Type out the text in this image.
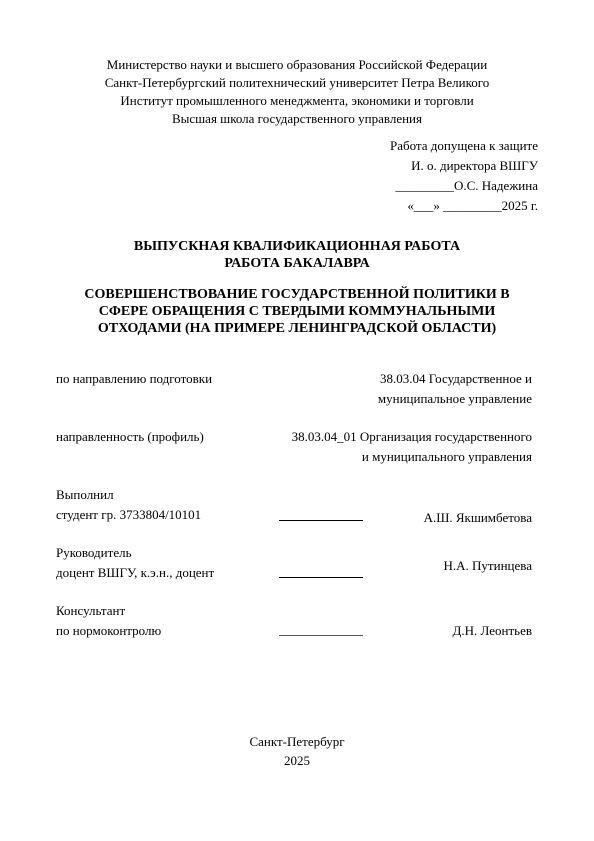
Министерство науки и высшего образования Российской Федерации
Санкт-Петербургский политехнический университет Петра Великого
Институт промышленного менеджмента, экономики и торговли
Высшая школа государственного управления
Работа допущена к защите
И. о. директора ВШГУ
_________О.С. Надежина
«___» _________2025 г.
ВЫПУСКНАЯ КВАЛИФИКАЦИОННАЯ РАБОТА
РАБОТА БАКАЛАВРА
СОВЕРШЕНСТВОВАНИЕ ГОСУДАРСТВЕННОЙ ПОЛИТИКИ В СФЕРЕ ОБРАЩЕНИЯ С ТВЕРДЫМИ КОММУНАЛЬНЫМИ ОТХОДАМИ (НА ПРИМЕРЕ ЛЕНИНГРАДСКОЙ ОБЛАСТИ)
по направлению подготовки	38.03.04 Государственное и
муниципальное управление
направленность (профиль)	38.03.04_01 Организация государственного
и муниципального управления
Выполнил
студент гр. 3733804/10101	А.Ш. Якшимбетова
Руководитель
доцент ВШГУ, к.э.н., доцент	Н.А. Путинцева
Консультант
по нормоконтролю	Д.Н. Леонтьев
Санкт-Петербург
2025
